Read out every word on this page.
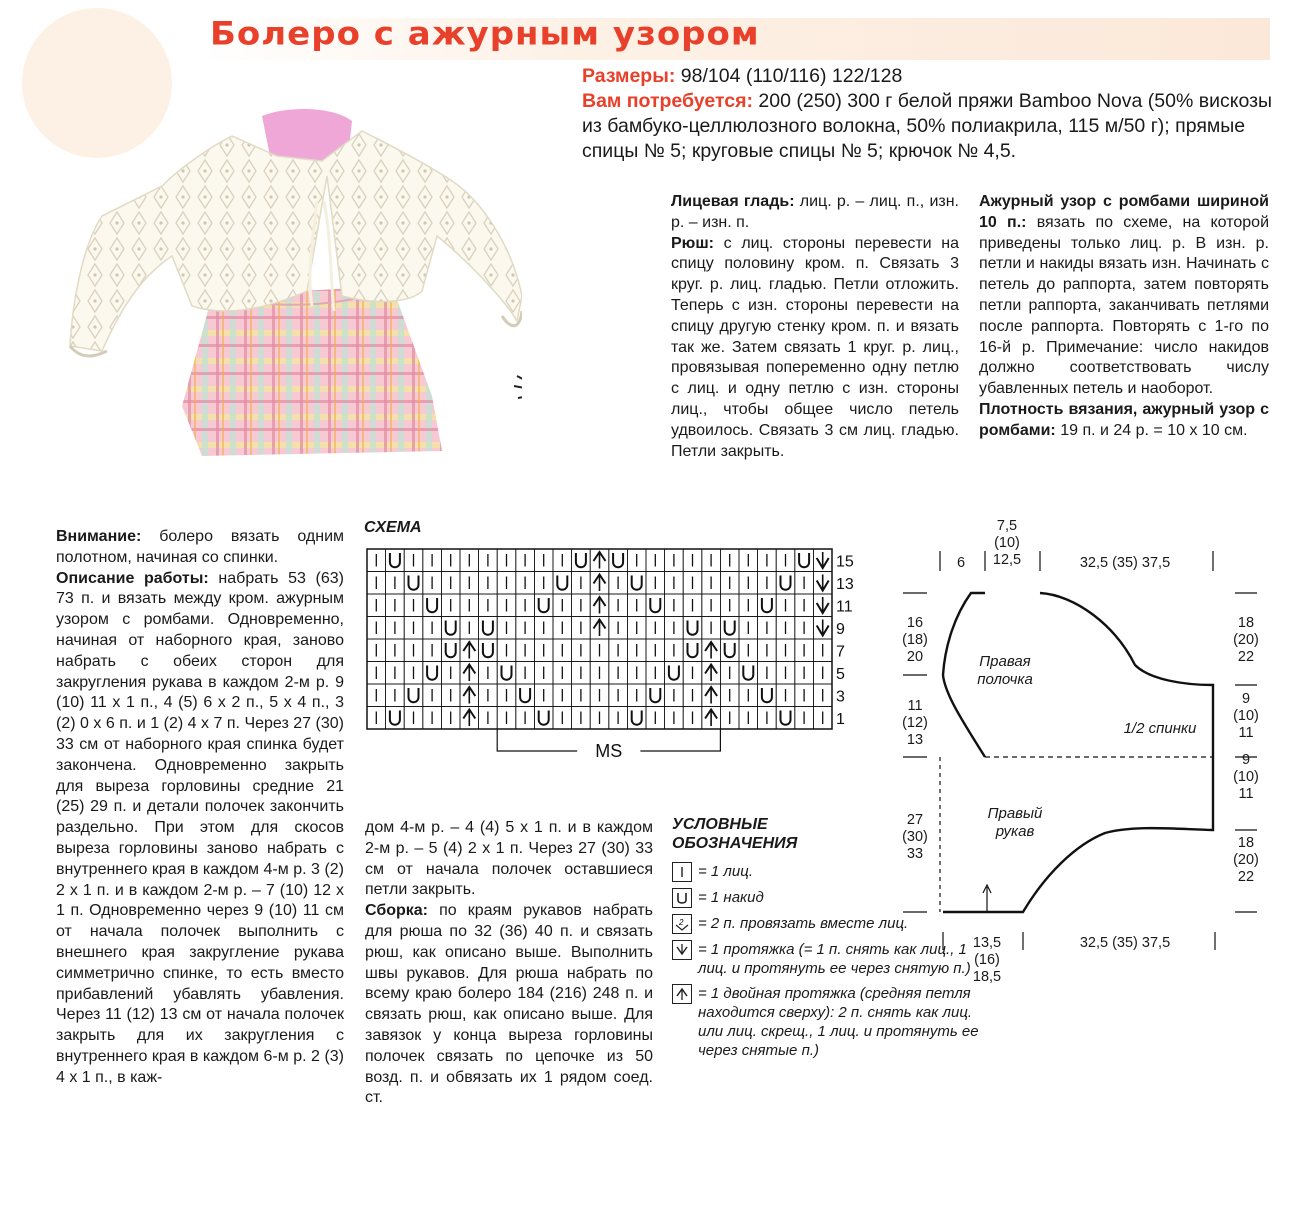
Болеро с ажурным узором
Размеры: 98/104 (110/116) 122/128
Вам потребуется: 200 (250) 300 г белой пряжи Bamboo Nova (50% вискозы из бамбуко-целлюлозного волокна, 50% полиакрила, 115 м/50 г); прямые спицы № 5; круговые спицы № 5; крючок № 4,5.

Лицевая гладь: лиц. р. – лиц. п., изн. р. – изн. п.

Рюш: с лиц. стороны перевести на спицу половину кром. п. Связать 3 круг. р. лиц. гладью. Петли отложить. Теперь с изн. стороны перевести на спицу другую стенку кром. п. и вязать так же. Затем связать 1 круг. р. лиц., провязывая попеременно одну петлю с лиц. и одну петлю с изн. стороны лиц., чтобы общее число петель удвоилось. Связать 3 см лиц. гладью. Петли закрыть.

Ажурный узор с ромбами шириной 10 п.: вязать по схеме, на которой приведены только лиц. р. В изн. р. петли и накиды вязать изн. Начинать с петель до раппорта, затем повторять петли раппорта, заканчивать петлями после раппорта. Повторять с 1-го по 16-й р. Примечание: число накидов должно соответствовать числу убавленных петель и наоборот.

Плотность вязания, ажурный узор с ромбами: 19 п. и 24 р. = 10 х 10 см.

Внимание: болеро вязать одним полотном, начиная со спинки.

Описание работы: набрать 53 (63) 73 п. и вязать между кром. ажурным узором с ромбами. Одновременно, начиная от наборного края, заново набрать с обеих сторон для закругления рукава в каждом 2-м р. 9 (10) 11 х 1 п., 4 (5) 6 х 2 п., 5 х 4 п., 3 (2) 0 х 6 п. и 1 (2) 4 х 7 п. Через 27 (30) 33 см от наборного края спинка будет закончена. Одновременно закрыть для выреза горловины средние 21 (25) 29 п. и детали полочек закончить раздельно. При этом для скосов выреза горловины заново набрать с внутреннего края в каждом 4-м р. 3 (2) 2 х 1 п. и в каждом 2-м р. – 7 (10) 12 х 1 п. Одновременно через 9 (10) 11 см от начала полочек выполнить с внешнего края закругление рукава симметрично спинке, то есть вместо прибавлений убавлять убавления. Через 11 (12) 13 см от начала полочек закрыть для их закругления с внутреннего края в каждом 6-м р. 2 (3) 4 х 1 п., в каж-

дом 4-м р. – 4 (4) 5 х 1 п. и в каждом 2-м р. – 5 (4) 2 х 1 п. Через 27 (30) 33 см от начала полочек оставшиеся петли закрыть.

Сборка: по краям рукавов набрать для рюша по 32 (36) 40 п. и связать рюш, как описано выше. Выполнить швы рукавов. Для рюша набрать по всему краю болеро 184 (216) 248 п. и связать рюш, как описано выше. Для завязок у конца выреза горловины полочек связать по цепочке из 50 возд. п. и обвязать их 1 рядом соед. ст.

СХЕМА
15
13
11
9
7
5
3
1
MS
УСЛОВНЫЕ
ОБОЗНАЧЕНИЯ
= 1 лиц.
= 1 накид
2 = 2 п. провязать вместе лиц.
= 1 протяжка (= 1 п. снять как лиц., 1 лиц. и протянуть ее через снятую п.)
= 1 двойная протяжка (средняя петля находится сверху): 2 п. снять как лиц. или лиц. скрещ., 1 лиц. и протянуть ее через снятые п.)
6
7,5
(10)
12,5	32,5 (35) 37,5
16
(18)
20
11
(12)
13
27
(30)
33
18
(20)
22
9
(10)
11
9
(10)
11
18
(20)
22
13,5
(16)
18,5
32,5 (35) 37,5
Правая
полочка
1/2 спинки
Правый
рукав
